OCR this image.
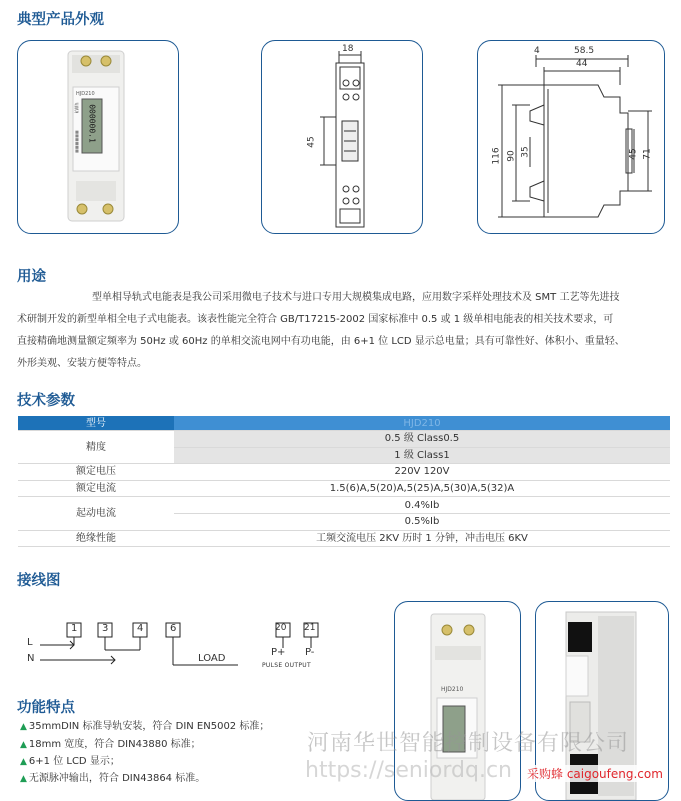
典型产品外观
■■■■■■
HJD210
kWh 000000.1
18
45
4	58.5
44
116 90 35	45 71
用途
型单相导轨式电能表是我公司采用微电子技术与进口专用大规模集成电路，应用数字采样处理技术及 SMT 工艺等先进技
术研制开发的新型单相全电子式电能表。该表性能完全符合 GB/T17215-2002 国家标准中 0.5 或 1 级单相电能表的相关技术要求，可
直接精确地测量额定频率为 50Hz 或 60Hz 的单相交流电网中有功电能，由 6+1 位 LCD 显示总电量；具有可靠性好、体积小、重量轻、
外形美观、安装方便等特点。
技术参数
型号	HJD210
精度	0.5 级 Class0.5
	1 级 Class1
额定电压	220V 120V
额定电流	1.5(6)A,5(20)A,5(25)A,5(30)A,5(32)A
起动电流	0.4%Ib
	0.5%Ib
绝缘性能	工频交流电压 2KV 历时 1 分钟，冲击电压 6KV
接线图
1 3	4	6
L
N	LOAD
20 21
P+ P-
PULSE OUTPUT
HJD210
功能特点
▲ 35mmDIN 标准导轨安装，符合 DIN EN5002 标准；
▲ 18mm 宽度，符合 DIN43880 标准；
▲ 6+1 位 LCD 显示；
▲ 无源脉冲输出，符合 DIN43864 标准。
河南华世智能控制设备有限公司
https://seniordq.cn 采购蜂 caigoufeng.com
